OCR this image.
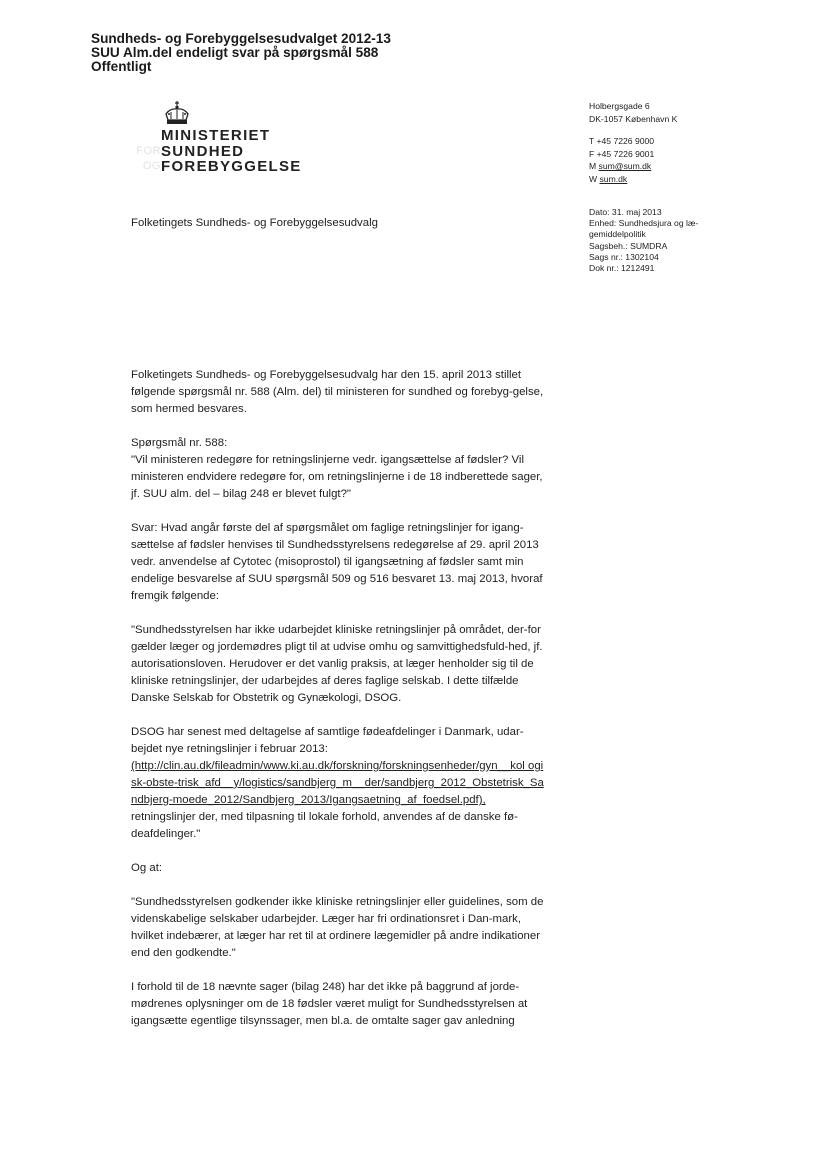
Sundheds- og Forebyggelsesudvalget 2012-13
SUU Alm.del endeligt svar på spørgsmål 588
Offentligt
MINISTERIET
FOR SUNDHED
OG FOREBYGGELSE
Holbergsgade 6
DK-1057 København K
T +45 7226 9000
F +45 7226 9001
M sum@sum.dk
W sum.dk
Dato: 31. maj 2013
Enhed: Sundhedsjura og læ-
gemiddelpolitik
Sagsbeh.: SUMDRA
Sags nr.: 1302104
Dok nr.: 1212491
Folketingets Sundheds- og Forebyggelsesudvalg

Folketingets Sundheds- og Forebyggelsesudvalg har den 15. april 2013 stillet følgende spørgsmål nr. 588 (Alm. del) til ministeren for sundhed og forebyg-gelse, som hermed besvares.

Spørgsmål nr. 588:
"Vil ministeren redegøre for retningslinjerne vedr. igangsættelse af fødsler? Vil ministeren endvidere redegøre for, om retningslinjerne i de 18 indberettede sager, jf. SUU alm. del – bilag 248 er blevet fulgt?"

Svar: Hvad angår første del af spørgsmålet om faglige retningslinjer for igang-sættelse af fødsler henvises til Sundhedsstyrelsens redegørelse af 29. april 2013 vedr. anvendelse af Cytotec (misoprostol) til igangsætning af fødsler samt min endelige besvarelse af SUU spørgsmål 509 og 516 besvaret 13. maj 2013, hvoraf fremgik følgende:

"Sundhedsstyrelsen har ikke udarbejdet kliniske retningslinjer på området, der-for gælder læger og jordemødres pligt til at udvise omhu og samvittighedsfuld-hed, jf. autorisationsloven. Herudover er det vanlig praksis, at læger henholder sig til de kliniske retningslinjer, der udarbejdes af deres faglige selskab. I dette tilfælde Danske Selskab for Obstetrik og Gynækologi, DSOG.

DSOG har senest med deltagelse af samtlige fødeafdelinger i Danmark, udar-bejdet nye retningslinjer i februar 2013:
(http://clin.au.dk/fileadmin/www.ki.au.dk/forskning/forskningsenheder/gyn__kol ogisk-obste-trisk_afd__y/logistics/sandbjerg_m__der/sandbjerg_2012_Obstetrisk_Sandbjerg-moede_2012/Sandbjerg_2013/Igangsaetning_af_foedsel.pdf),
retningslinjer der, med tilpasning til lokale forhold, anvendes af de danske fø-deafdelinger."

Og at:

"Sundhedsstyrelsen godkender ikke kliniske retningslinjer eller guidelines, som de videnskabelige selskaber udarbejder. Læger har fri ordinationsret i Dan-mark, hvilket indebærer, at læger har ret til at ordinere lægemidler på andre indikationer end den godkendte."

I forhold til de 18 nævnte sager (bilag 248) har det ikke på baggrund af jorde-mødrenes oplysninger om de 18 fødsler været muligt for Sundhedsstyrelsen at igangsætte egentlige tilsynssager, men bl.a. de omtalte sager gav anledning
